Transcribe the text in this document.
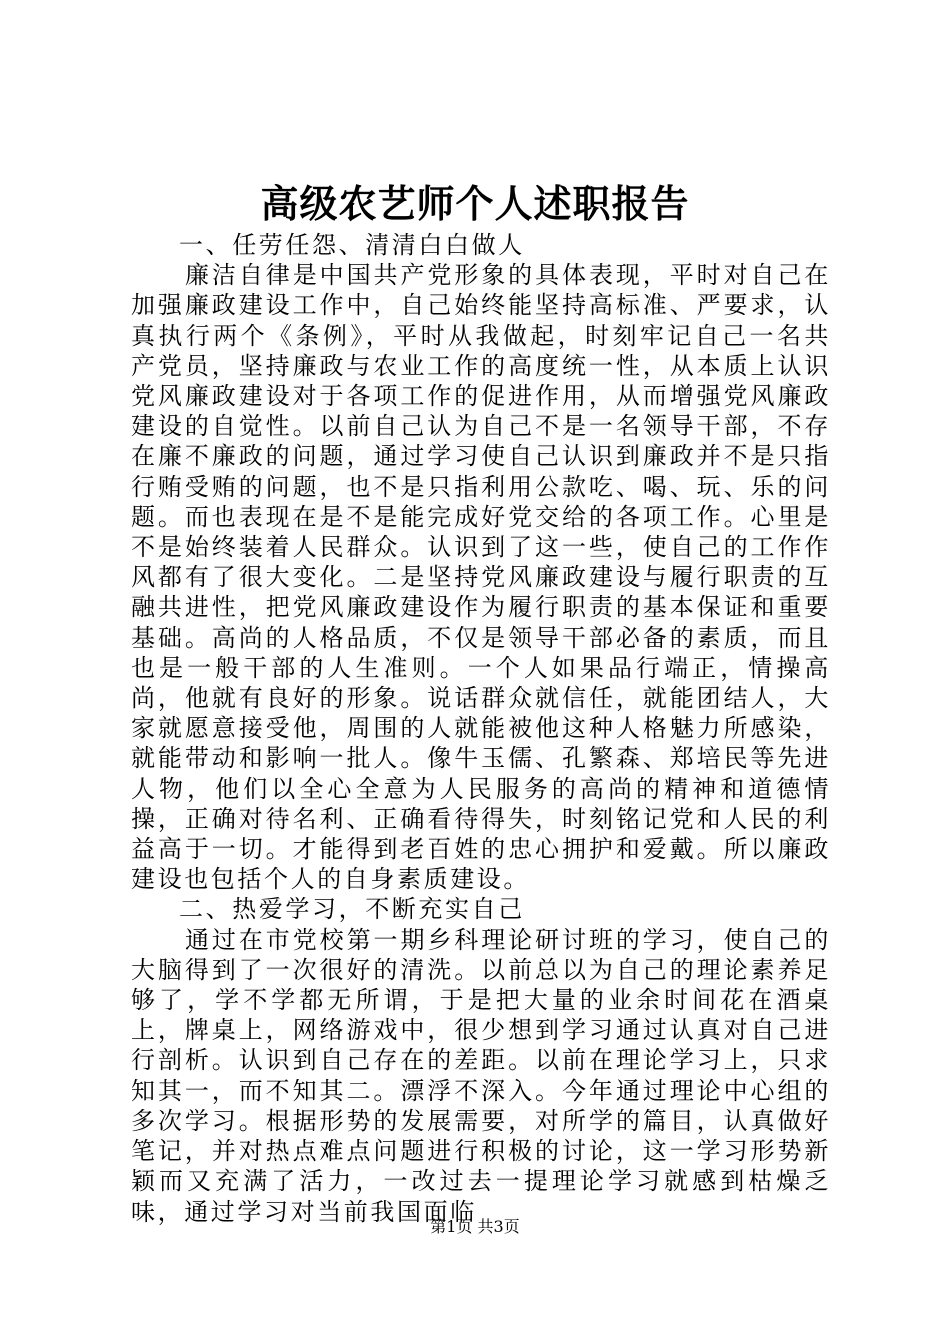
高级农艺师个人述职报告

一、任劳任怨、清清白白做人

廉洁自律是中国共产党形象的具体表现，平时对自己在加强廉政建设工作中，自己始终能坚持高标准、严要求，认真执行两个《条例》，平时从我做起，时刻牢记自己一名共产党员，坚持廉政与农业工作的高度统一性，从本质上认识党风廉政建设对于各项工作的促进作用，从而增强党风廉政建设的自觉性。以前自己认为自己不是一名领导干部，不存在廉不廉政的问题，通过学习使自己认识到廉政并不是只指行贿受贿的问题，也不是只指利用公款吃、喝、玩、乐的问题。而也表现在是不是能完成好党交给的各项工作。心里是不是始终装着人民群众。认识到了这一些，使自己的工作作风都有了很大变化。二是坚持党风廉政建设与履行职责的互融共进性，把党风廉政建设作为履行职责的基本保证和重要基础。高尚的人格品质，不仅是领导干部必备的素质，而且也是一般干部的人生准则。一个人如果品行端正，情操高尚，他就有良好的形象。说话群众就信任，就能团结人，大家就愿意接受他，周围的人就能被他这种人格魅力所感染，就能带动和影响一批人。像牛玉儒、孔繁森、郑培民等先进人物，他们以全心全意为人民服务的高尚的精神和道德情操，正确对待名利、正确看待得失，时刻铭记党和人民的利益高于一切。才能得到老百姓的忠心拥护和爱戴。所以廉政建设也包括个人的自身素质建设。

二、热爱学习，不断充实自己

通过在市党校第一期乡科理论研讨班的学习，使自己的大脑得到了一次很好的清洗。以前总以为自己的理论素养足够了，学不学都无所谓，于是把大量的业余时间花在酒桌上，牌桌上，网络游戏中，很少想到学习通过认真对自己进行剖析。认识到自己存在的差距。以前在理论学习上，只求知其一，而不知其二。漂浮不深入。今年通过理论中心组的多次学习。根据形势的发展需要，对所学的篇目，认真做好笔记，并对热点难点问题进行积极的讨论，这一学习形势新颖而又充满了活力，一改过去一提理论学习就感到枯燥乏味，通过学习对当前我国面临

第1页 共3页
